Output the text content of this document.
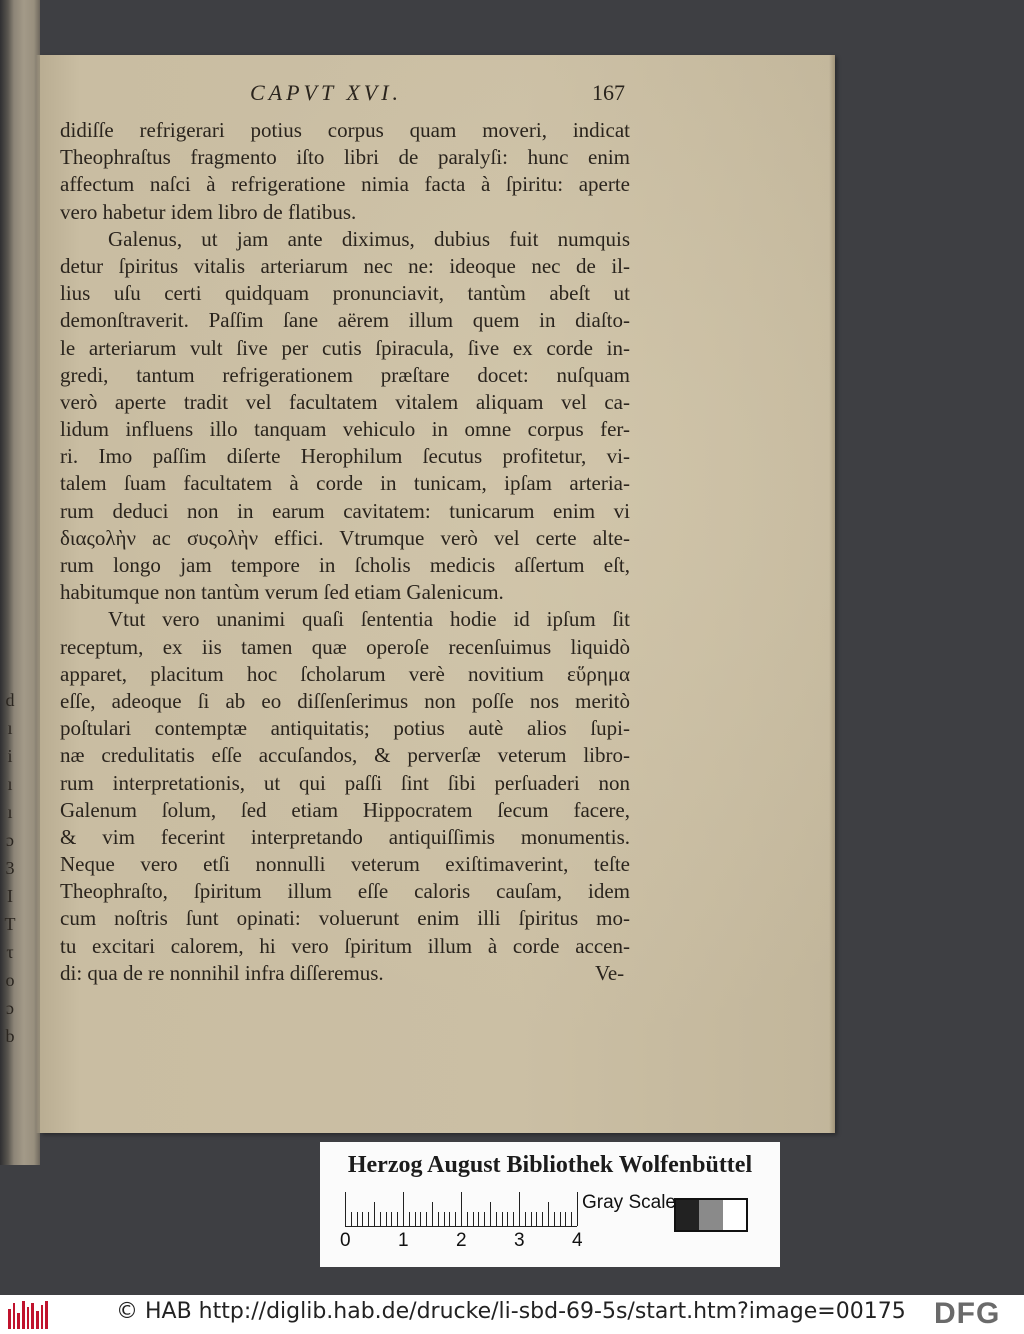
d
ı
i
ı
ı
ɔ
3
I
T
τ
o
ɔ
b
CAPVT XVI.	167
didiſſe refrigerari potius corpus quam moveri, indicat
Theophraſtus fragmento iſto libri de paralyſi: hunc enim
affectum naſci à refrigeratione nimia facta à ſpiritu: aperte
vero habetur idem libro de flatibus.
Galenus, ut jam ante diximus, dubius fuit numquis
detur ſpiritus vitalis arteriarum nec ne: ideoque nec de il-
lius uſu certi quidquam pronunciavit, tantùm abeſt ut
demonſtraverit. Paſſim ſane aërem illum quem in diaſto-
le arteriarum vult ſive per cutis ſpiracula, ſive ex corde in-
gredi, tantum refrigerationem præſtare docet: nuſquam
verò aperte tradit vel facultatem vitalem aliquam vel ca-
lidum influens illo tanquam vehiculo in omne corpus fer-
ri. Imo paſſim diſerte Herophilum ſecutus profitetur, vi-
talem ſuam facultatem à corde in tunicam, ipſam arteria-
rum deduci non in earum cavitatem: tunicarum enim vi
διαςολὴν ac συςολὴν effici. Vtrumque verò vel certe alte-
rum longo jam tempore in ſcholis medicis aſſertum eſt,
habitumque non tantùm verum ſed etiam Galenicum.
Vtut vero unanimi quaſi ſententia hodie id ipſum ſit
receptum, ex iis tamen quæ operoſe recenſuimus liquidò
apparet, placitum hoc ſcholarum verè novitium εὕρημα
eſſe, adeoque ſi ab eo diſſenſerimus non poſſe nos meritò
poſtulari contemptæ antiquitatis; potius autè alios ſupi-
næ credulitatis eſſe accuſandos, & perverſæ veterum libro-
rum interpretationis, ut qui paſſi ſint ſibi perſuaderi non
Galenum ſolum, ſed etiam Hippocratem ſecum facere,
& vim fecerint interpretando antiquiſſimis monumentis.
Neque vero etſi nonnulli veterum exiſtimaverint, teſte
Theophraſto, ſpiritum illum eſſe caloris cauſam, idem
cum noſtris ſunt opinati: voluerunt enim illi ſpiritus mo-
tu excitari calorem, hi vero ſpiritum illum à corde accen-
di: qua de re nonnihil infra diſſeremus.	Ve-
Herzog August Bibliothek Wolfenbüttel
0 1 2 3 4
Gray Scale
© HAB http://diglib.hab.de/drucke/li-sbd-69-5s/start.htm?image=00175 DFG
